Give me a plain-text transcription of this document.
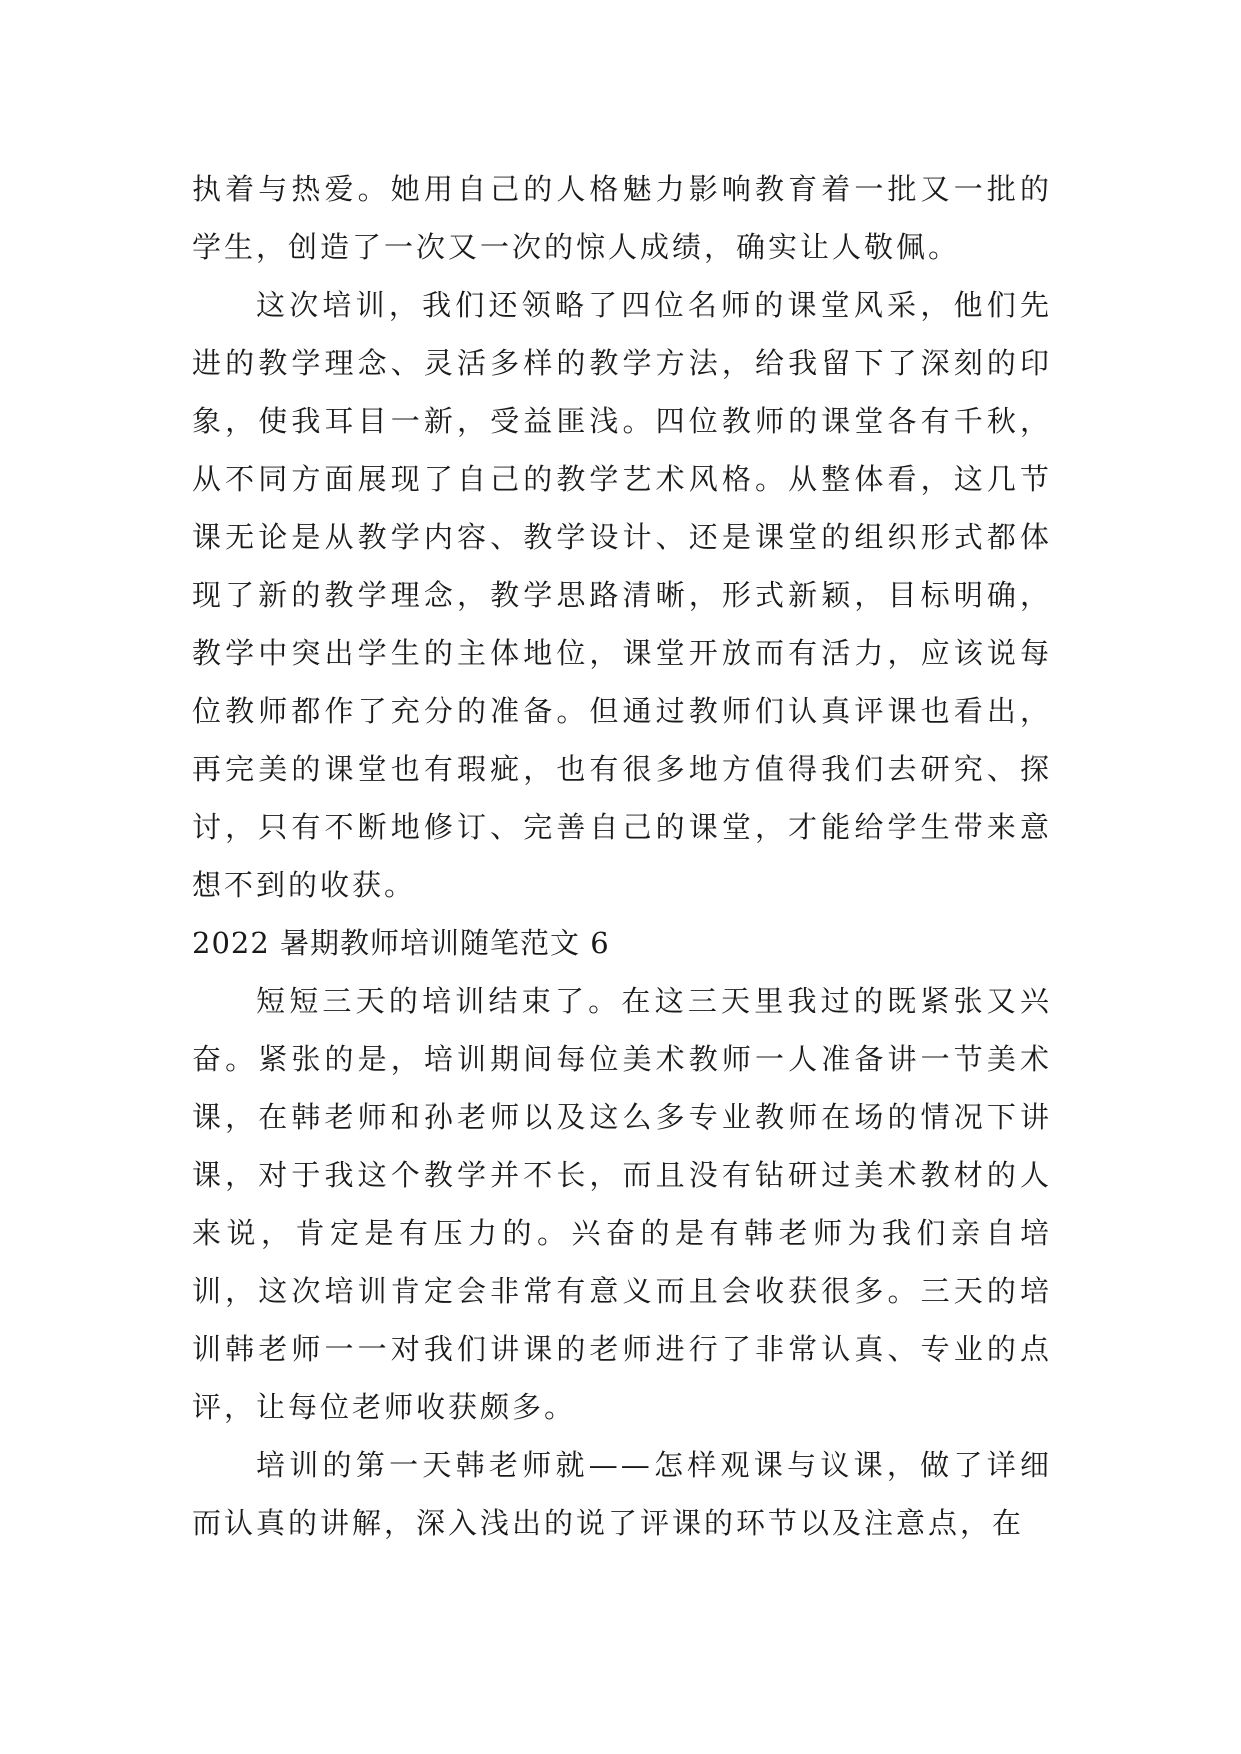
执着与热爱。她用自己的人格魅力影响教育着一批又一批的学生，创造了一次又一次的惊人成绩，确实让人敬佩。

这次培训，我们还领略了四位名师的课堂风采，他们先进的教学理念、灵活多样的教学方法，给我留下了深刻的印象，使我耳目一新，受益匪浅。四位教师的课堂各有千秋，从不同方面展现了自己的教学艺术风格。从整体看，这几节课无论是从教学内容、教学设计、还是课堂的组织形式都体现了新的教学理念，教学思路清晰，形式新颖，目标明确，教学中突出学生的主体地位，课堂开放而有活力，应该说每位教师都作了充分的准备。但通过教师们认真评课也看出，再完美的课堂也有瑕疵，也有很多地方值得我们去研究、探讨，只有不断地修订、完善自己的课堂，才能给学生带来意想不到的收获。

2022 暑期教师培训随笔范文 6

短短三天的培训结束了。在这三天里我过的既紧张又兴奋。紧张的是，培训期间每位美术教师一人准备讲一节美术课，在韩老师和孙老师以及这么多专业教师在场的情况下讲课，对于我这个教学并不长，而且没有钻研过美术教材的人来说，肯定是有压力的。兴奋的是有韩老师为我们亲自培训，这次培训肯定会非常有意义而且会收获很多。三天的培训韩老师一一对我们讲课的老师进行了非常认真、专业的点评，让每位老师收获颇多。

培训的第一天韩老师就——怎样观课与议课，做了详细而认真的讲解，深入浅出的说了评课的环节以及注意点，在
